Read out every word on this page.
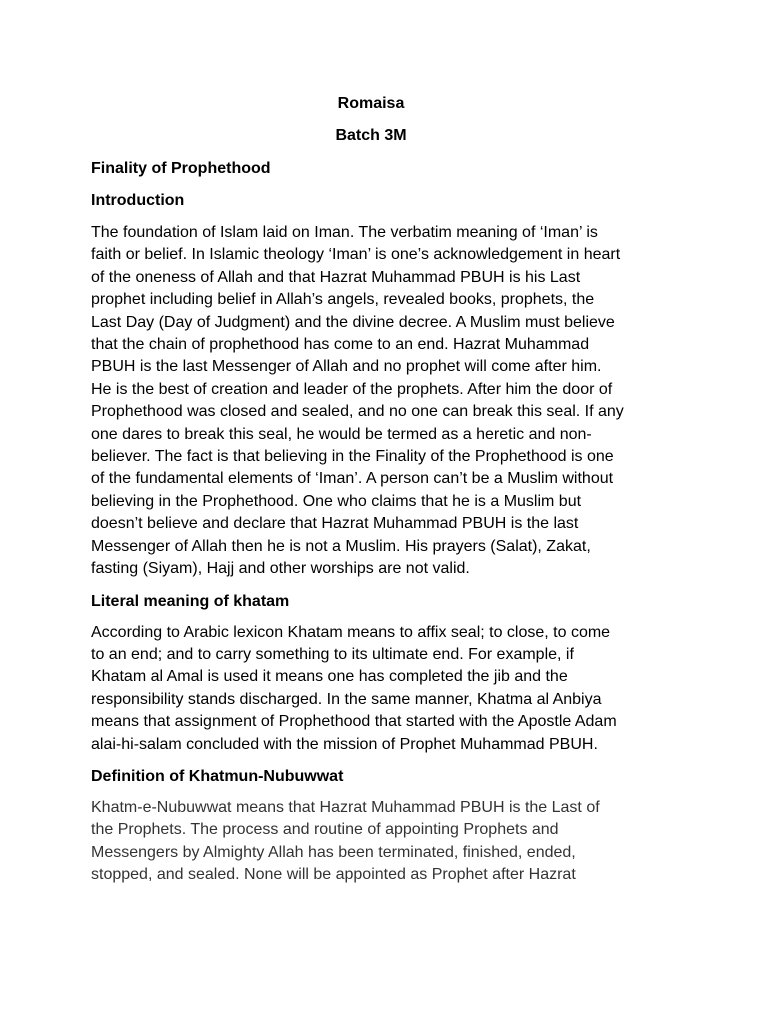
Romaisa

Batch 3M

Finality of Prophethood

Introduction

The foundation of Islam laid on Iman. The verbatim meaning of ‘Iman’ is
faith or belief. In Islamic theology ‘Iman’ is one’s acknowledgement in heart
of the oneness of Allah and that Hazrat Muhammad PBUH is his Last
prophet including belief in Allah’s angels, revealed books, prophets, the
Last Day (Day of Judgment) and the divine decree. A Muslim must believe
that the chain of prophethood has come to an end. Hazrat Muhammad
PBUH is the last Messenger of Allah and no prophet will come after him.
He is the best of creation and leader of the prophets. After him the door of
Prophethood was closed and sealed, and no one can break this seal. If any
one dares to break this seal, he would be termed as a heretic and non-
believer. The fact is that believing in the Finality of the Prophethood is one
of the fundamental elements of ‘Iman’. A person can’t be a Muslim without
believing in the Prophethood. One who claims that he is a Muslim but
doesn’t believe and declare that Hazrat Muhammad PBUH is the last
Messenger of Allah then he is not a Muslim. His prayers (Salat), Zakat,
fasting (Siyam), Hajj and other worships are not valid.

Literal meaning of khatam

According to Arabic lexicon Khatam means to affix seal; to close, to come
to an end; and to carry something to its ultimate end. For example, if
Khatam al Amal is used it means one has completed the jib and the
responsibility stands discharged. In the same manner, Khatma al Anbiya
means that assignment of Prophethood that started with the Apostle Adam
alai-hi-salam concluded with the mission of Prophet Muhammad PBUH.

Definition of Khatmun-Nubuwwat

Khatm-e-Nubuwwat means that Hazrat Muhammad PBUH is the Last of
the Prophets. The process and routine of appointing Prophets and
Messengers by Almighty Allah has been terminated, finished, ended,
stopped, and sealed. None will be appointed as Prophet after Hazrat
